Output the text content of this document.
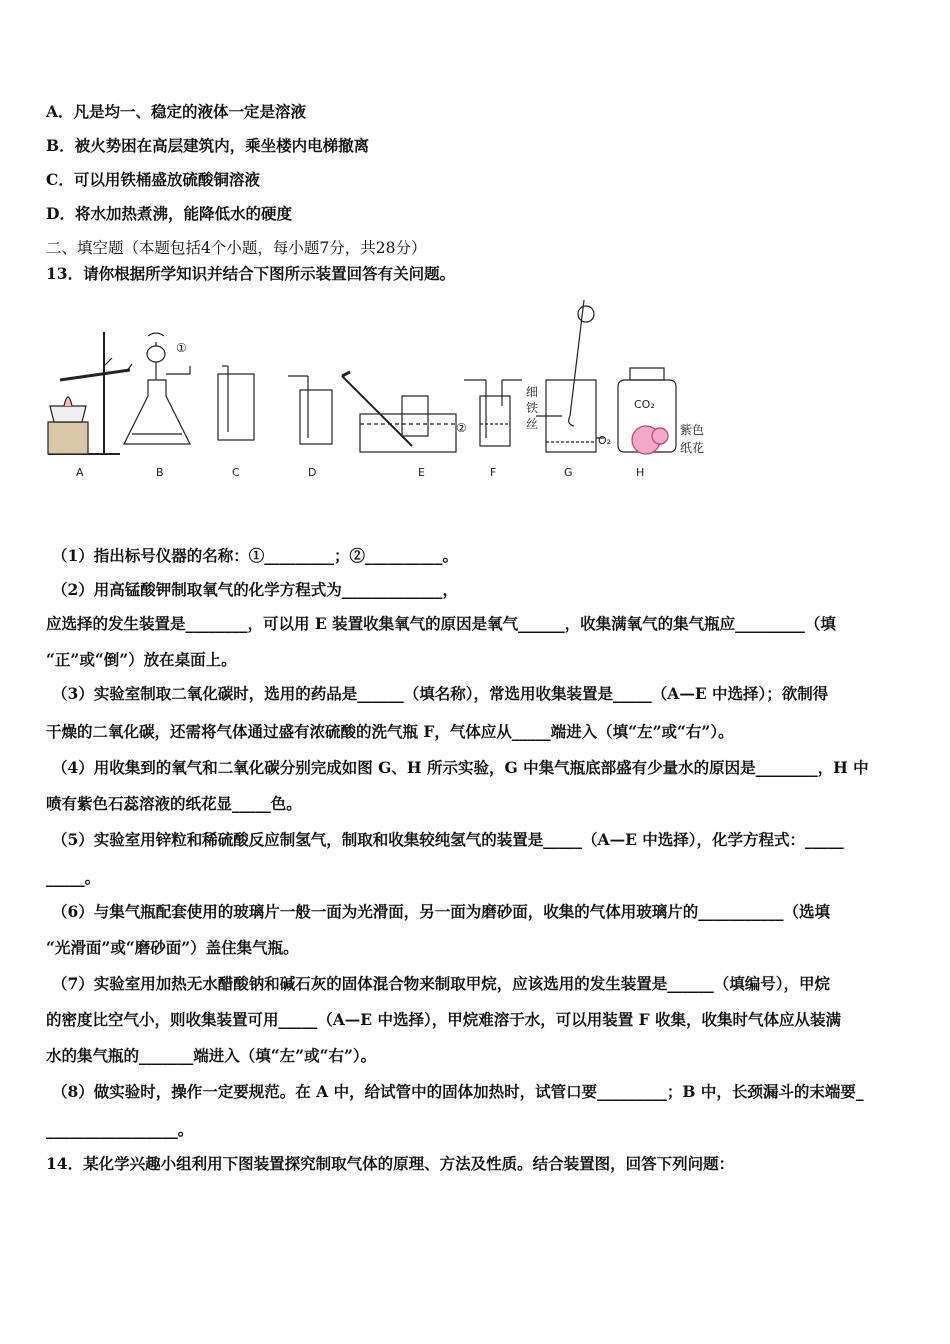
A．凡是均一、稳定的液体一定是溶液
B．被火势困在高层建筑内，乘坐楼内电梯撤离
C．可以用铁桶盛放硫酸铜溶液
D．将水加热煮沸，能降低水的硬度
二、填空题（本题包括4个小题，每小题7分，共28分）
13．请你根据所学知识并结合下图所示装置回答有关问题。
①
②
细
铁
丝
O₂
CO₂
紫色
纸花
A	B	C	D	E	F	G	H
（1）指出标号仪器的名称：①_________；②__________。
（2）用高锰酸钾制取氧气的化学方程式为_____________，
应选择的发生装置是________，可以用 E 装置收集氧气的原因是氧气______，收集满氧气的集气瓶应_________（填
“正”或“倒”）放在桌面上。
（3）实验室制取二氧化碳时，选用的药品是______（填名称），常选用收集装置是_____（A—E 中选择）；欲制得
干燥的二氧化碳，还需将气体通过盛有浓硫酸的洗气瓶 F，气体应从_____端进入（填“左”或“右”）。
（4）用收集到的氧气和二氧化碳分别完成如图 G、H 所示实验，G 中集气瓶底部盛有少量水的原因是________，H 中
喷有紫色石蕊溶液的纸花显_____色。
（5）实验室用锌粒和稀硫酸反应制氢气，制取和收集较纯氢气的装置是_____（A—E 中选择），化学方程式：_____
_____。
（6）与集气瓶配套使用的玻璃片一般一面为光滑面，另一面为磨砂面，收集的气体用玻璃片的___________（选填
“光滑面”或“磨砂面”）盖住集气瓶。
（7）实验室用加热无水醋酸钠和碱石灰的固体混合物来制取甲烷，应该选用的发生装置是______（填编号），甲烷
的密度比空气小，则收集装置可用_____（A—E 中选择），甲烷难溶于水，可以用装置 F 收集，收集时气体应从装满
水的集气瓶的_______端进入（填“左”或“右”）。
（8）做实验时，操作一定要规范。在 A 中，给试管中的固体加热时，试管口要_________；B 中，长颈漏斗的末端要_
_________________。
14．某化学兴趣小组利用下图装置探究制取气体的原理、方法及性质。结合装置图，回答下列问题：
